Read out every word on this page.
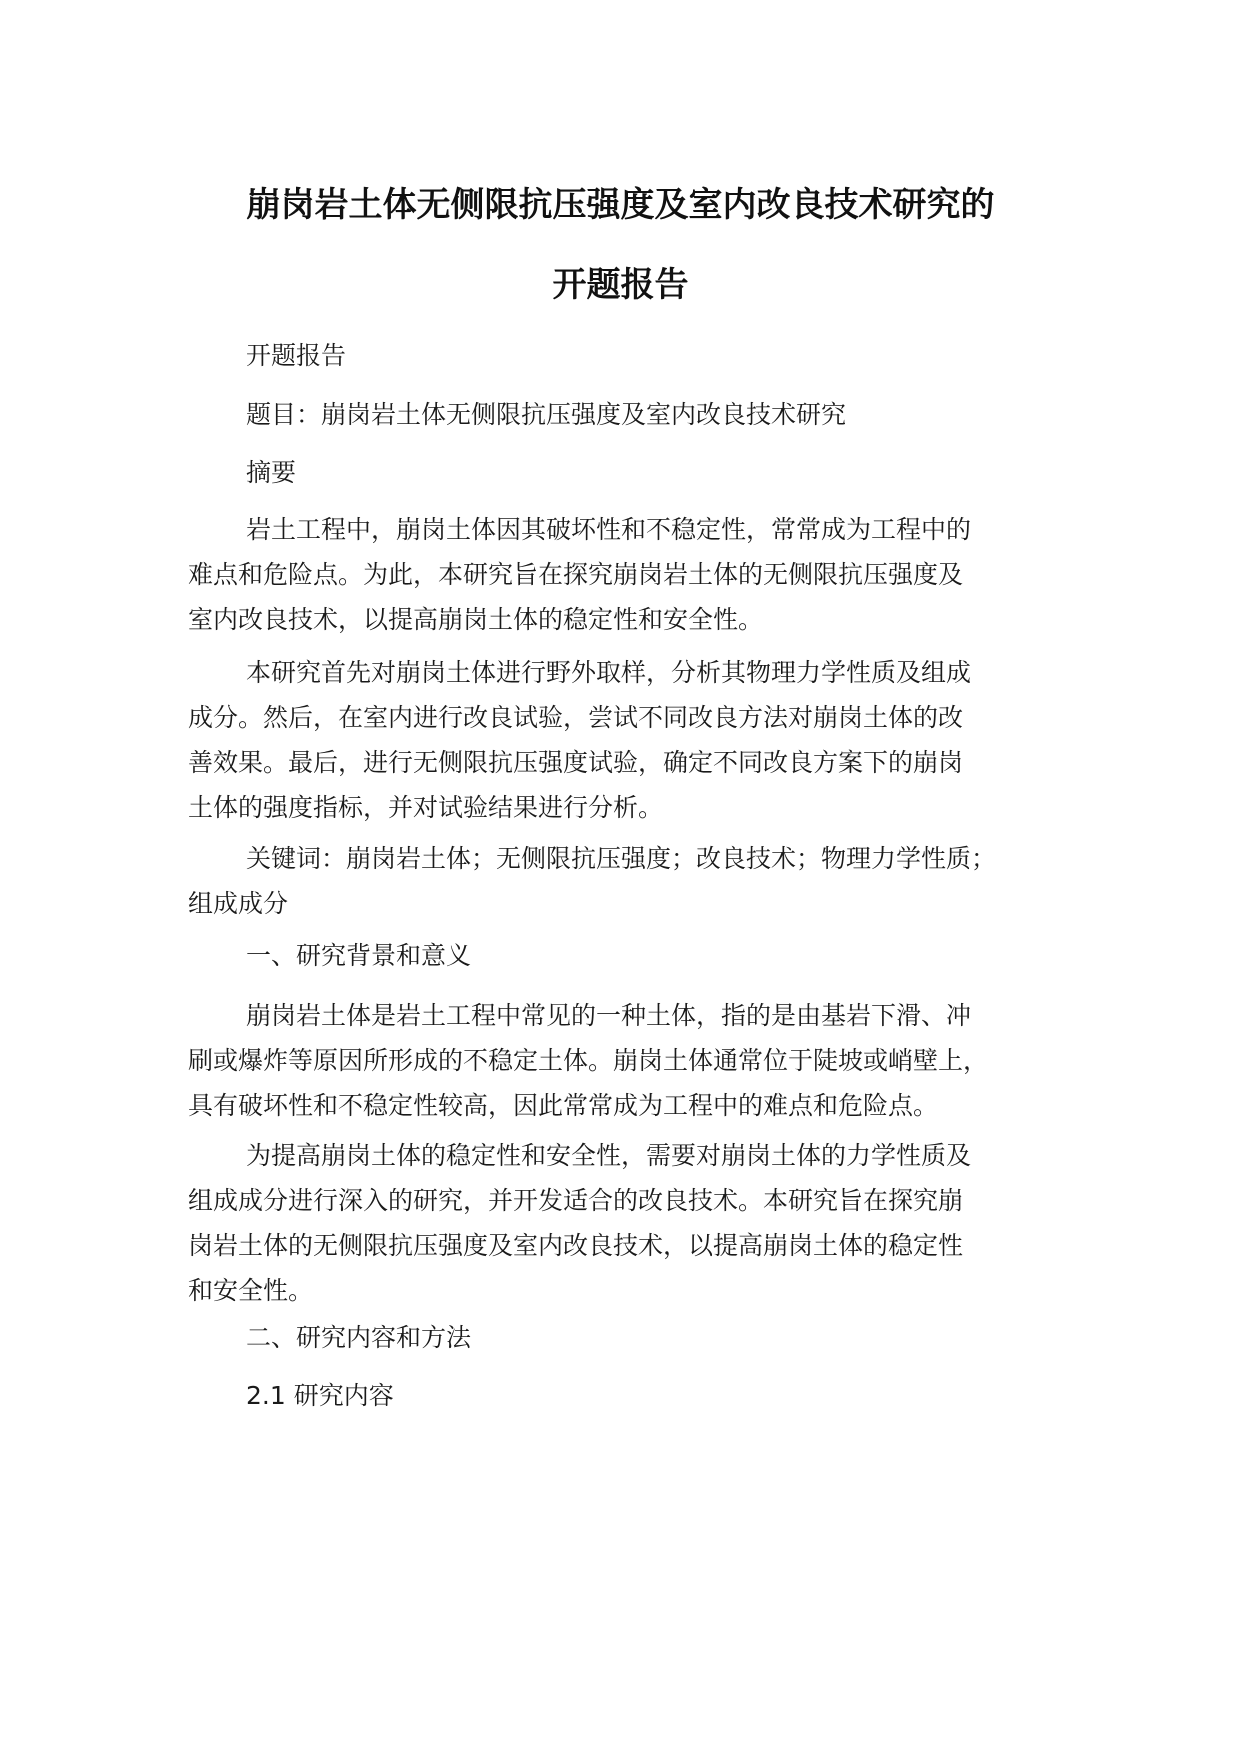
崩岗岩土体无侧限抗压强度及室内改良技术研究的
开题报告

开题报告

题目：崩岗岩土体无侧限抗压强度及室内改良技术研究

摘要

岩土工程中，崩岗土体因其破坏性和不稳定性，常常成为工程中的
难点和危险点。为此，本研究旨在探究崩岗岩土体的无侧限抗压强度及
室内改良技术，以提高崩岗土体的稳定性和安全性。

本研究首先对崩岗土体进行野外取样，分析其物理力学性质及组成
成分。然后，在室内进行改良试验，尝试不同改良方法对崩岗土体的改
善效果。最后，进行无侧限抗压强度试验，确定不同改良方案下的崩岗
土体的强度指标，并对试验结果进行分析。

关键词：崩岗岩土体；无侧限抗压强度；改良技术；物理力学性质；
组成成分

一、研究背景和意义

崩岗岩土体是岩土工程中常见的一种土体，指的是由基岩下滑、冲
刷或爆炸等原因所形成的不稳定土体。崩岗土体通常位于陡坡或峭壁上，
具有破坏性和不稳定性较高，因此常常成为工程中的难点和危险点。

为提高崩岗土体的稳定性和安全性，需要对崩岗土体的力学性质及
组成成分进行深入的研究，并开发适合的改良技术。本研究旨在探究崩
岗岩土体的无侧限抗压强度及室内改良技术，以提高崩岗土体的稳定性
和安全性。

二、研究内容和方法

2.1 研究内容
